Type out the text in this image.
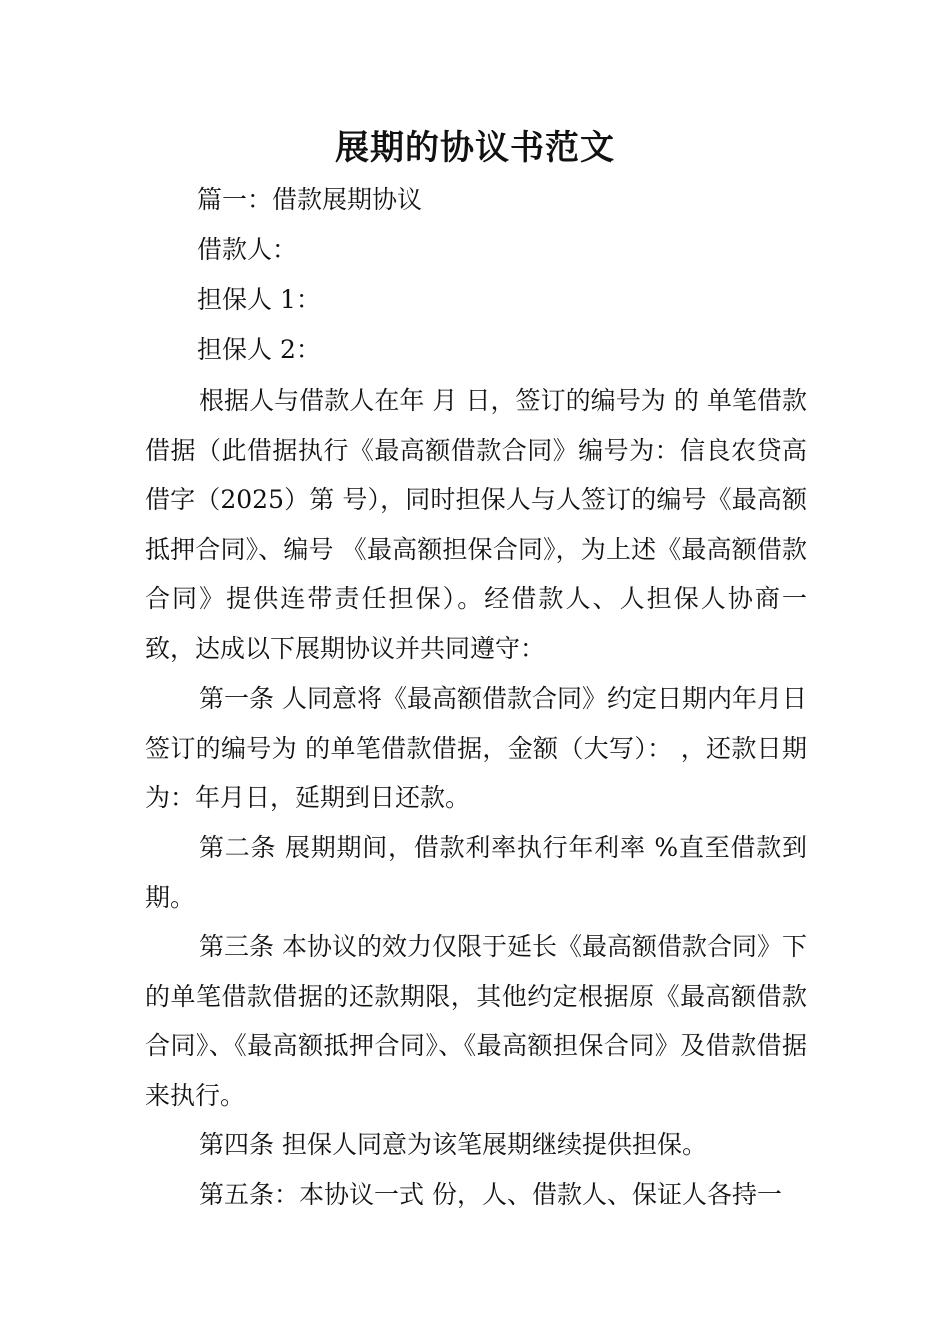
展期的协议书范文

篇一：借款展期协议

借款人：

担保人 1：

担保人 2：

根据人与借款人在年 月 日，签订的编号为 的 单笔借款借据（此借据执行《最高额借款合同》编号为：信良农贷高借字（2025）第 号），同时担保人与人签订的编号《最高额抵押合同》、编号 《最高额担保合同》，为上述《最高额借款合同》提供连带责任担保）。经借款人、人担保人协商一致，达成以下展期协议并共同遵守：

第一条 人同意将《最高额借款合同》约定日期内年月日签订的编号为 的单笔借款借据，金额（大写）： ，还款日期为：年月日，延期到日还款。

第二条 展期期间，借款利率执行年利率 %直至借款到期。

第三条 本协议的效力仅限于延长《最高额借款合同》下的单笔借款借据的还款期限，其他约定根据原《最高额借款合同》、《最高额抵押合同》、《最高额担保合同》及借款借据来执行。

第四条 担保人同意为该笔展期继续提供担保。

第五条：本协议一式 份，人、借款人、保证人各持一
